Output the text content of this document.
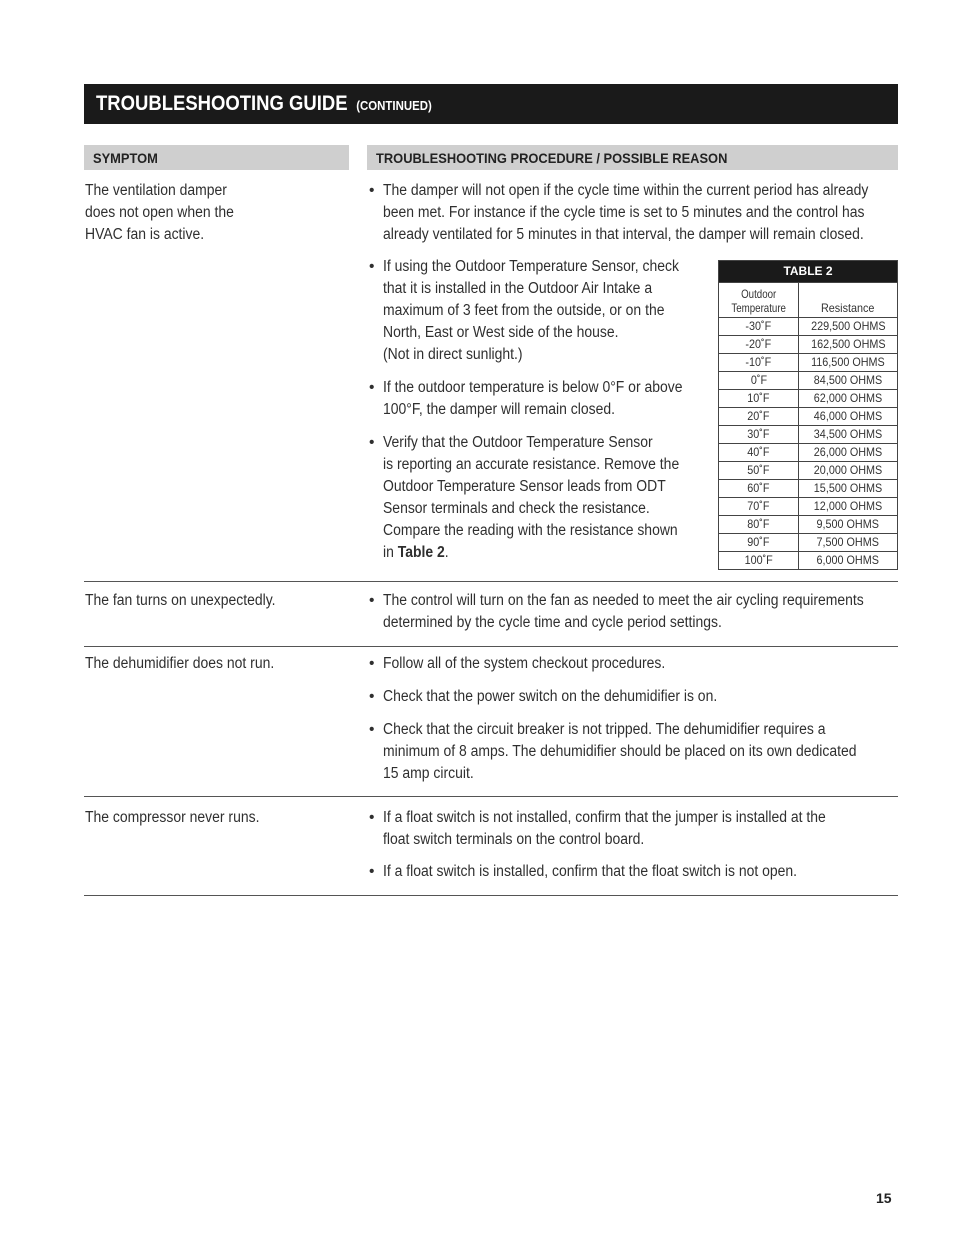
TROUBLESHOOTING GUIDE (CONTINUED)
SYMPTOM	TROUBLESHOOTING PROCEDURE / POSSIBLE REASON
The ventilation damper
does not open when the
HVAC fan is active.
• The damper will not open if the cycle time within the current period has already
been met. For instance if the cycle time is set to 5 minutes and the control has
already ventilated for 5 minutes in that interval, the damper will remain closed.
• If using the Outdoor Temperature Sensor, check
that it is installed in the Outdoor Air Intake a
maximum of 3 feet from the outside, or on the
North, East or West side of the house.
(Not in direct sunlight.)
• If the outdoor temperature is below 0°F or above
100°F, the damper will remain closed.
• Verify that the Outdoor Temperature Sensor
is reporting an accurate resistance. Remove the
Outdoor Temperature Sensor leads from ODT
Sensor terminals and check the resistance.
Compare the reading with the resistance shown
in Table 2.
TABLE 2	
Outdoor
Temperature	Resistance
-30˚F	229,500 OHMS
-20˚F	162,500 OHMS
-10˚F	116,500 OHMS
0˚F	84,500 OHMS
10˚F	62,000 OHMS
20˚F	46,000 OHMS
30˚F	34,500 OHMS
40˚F	26,000 OHMS
50˚F	20,000 OHMS
60˚F	15,500 OHMS
70˚F	12,000 OHMS
80˚F	9,500 OHMS
90˚F	7,500 OHMS
100˚F	6,000 OHMS
The fan turns on unexpectedly.	• The control will turn on the fan as needed to meet the air cycling requirements
determined by the cycle time and cycle period settings.
The dehumidifier does not run.	• Follow all of the system checkout procedures.
• Check that the power switch on the dehumidifier is on.
• Check that the circuit breaker is not tripped. The dehumidifier requires a
minimum of 8 amps. The dehumidifier should be placed on its own dedicated
15 amp circuit.
The compressor never runs.	• If a float switch is not installed, confirm that the jumper is installed at the
float switch terminals on the control board.
• If a float switch is installed, confirm that the float switch is not open.
15
